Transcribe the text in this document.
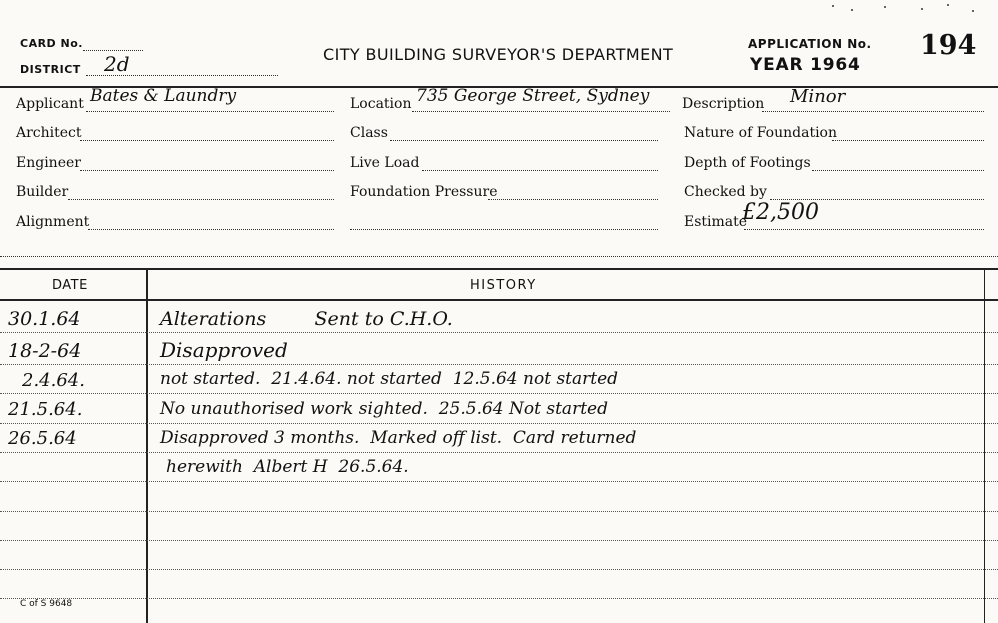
CARD No.
DISTRICT 2d	CITY BUILDING SURVEYOR'S DEPARTMENT
APPLICATION No. 194
YEAR 1964
Applicant Bates & Laundry
Architect
Engineer
Builder
Alignment
Location 735 George Street, Sydney
Class
Live Load
Foundation Pressure
Description Minor
Nature of Foundation
Depth of Footings
Checked by
Estimate
£2,500
DATE	HISTORY
30.1.64	Alterations        Sent to C.H.O.
18-2-64	Disapproved
2.4.64.	not started.  21.4.64. not started  12.5.64 not started
21.5.64.	No unauthorised work sighted.  25.5.64 Not started
26.5.64	Disapproved 3 months.  Marked off list.  Card returned
herewith  Albert H  26.5.64.
C of S 9648
